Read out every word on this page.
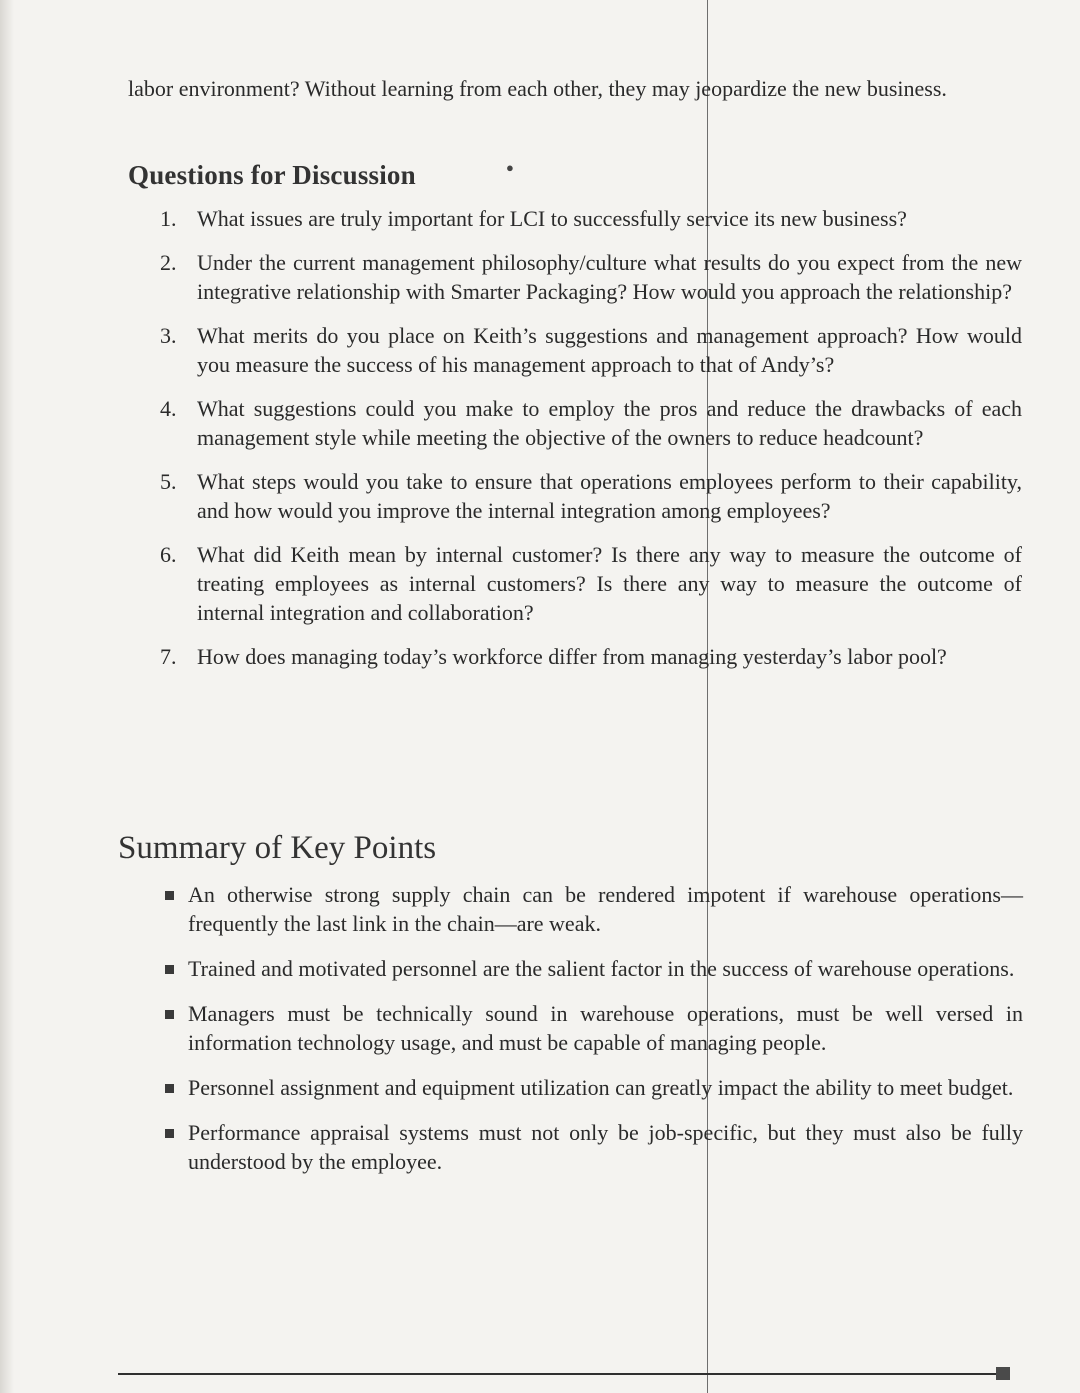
labor environment? Without learning from each other, they may jeopardize the new business.

Questions for Discussion	●
1. What issues are truly important for LCI to successfully service its new business?
2. Under the current management philosophy/culture what results do you expect from the new integrative relationship with Smarter Packaging? How would you approach the relationship?
3. What merits do you place on Keith’s suggestions and management approach? How would you measure the success of his management approach to that of Andy’s?
4. What suggestions could you make to employ the pros and reduce the drawbacks of each management style while meeting the objective of the owners to reduce headcount?
5. What steps would you take to ensure that operations employees perform to their capability, and how would you improve the internal integration among employees?
6. What did Keith mean by internal customer? Is there any way to measure the outcome of treating employees as internal customers? Is there any way to measure the outcome of internal integration and collaboration?
7. How does managing today’s workforce differ from managing yesterday’s labor pool?
Summary of Key Points
An otherwise strong supply chain can be rendered impotent if warehouse operations—frequently the last link in the chain—are weak.
Trained and motivated personnel are the salient factor in the success of warehouse operations.
Managers must be technically sound in warehouse operations, must be well versed in information technology usage, and must be capable of managing people.
Personnel assignment and equipment utilization can greatly impact the ability to meet budget.
Performance appraisal systems must not only be job-specific, but they must also be fully understood by the employee.
